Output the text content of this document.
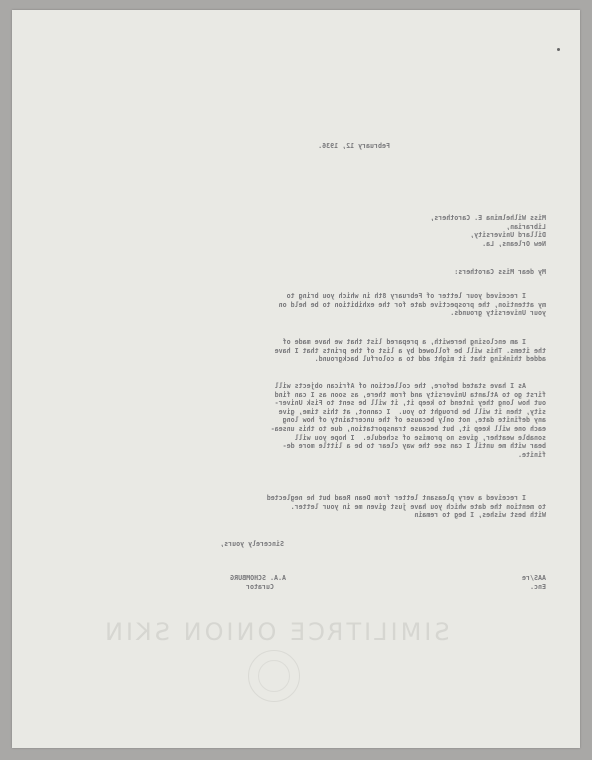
SIMILITRCE ONION SKIN
February 12, 1936.
Miss Wilhelmina E. Carothers,
Librarian,
Dillard University,
New Orleans, La.
My dear Miss Carothers:
I received your letter of February 8th in which you bring to
my attention, the prospective date for the exhibition to be held on
your University grounds.
I am enclosing herewith, a prepared list that we have made of
the items. This will be followed by a list of the prints that I have
added thinking that it might add to a colorful background.
As I have stated before, the collection of African objects will
first go to Atlanta University and from there, as soon as I can find
out how long they intend to keep it, it will be sent to Fisk Univer-
sity, then it will be brought to you.  I cannot, at this time, give
any definite date, not only because of the uncertainty of how long
each one will keep it, but because transportation, due to this unsea-
sonable weather, gives no promise of schedule.  I hope you will
bear with me until I can see the way clear to be a little more de-
finite.
I received a very pleasant letter from Dean Read but he neglected
to mention the date which you have just given me in your letter.
With best wishes, I beg to remain
Sincerely yours,
A.A. SCHOMBURG
Curator
AAS/re
Enc.
